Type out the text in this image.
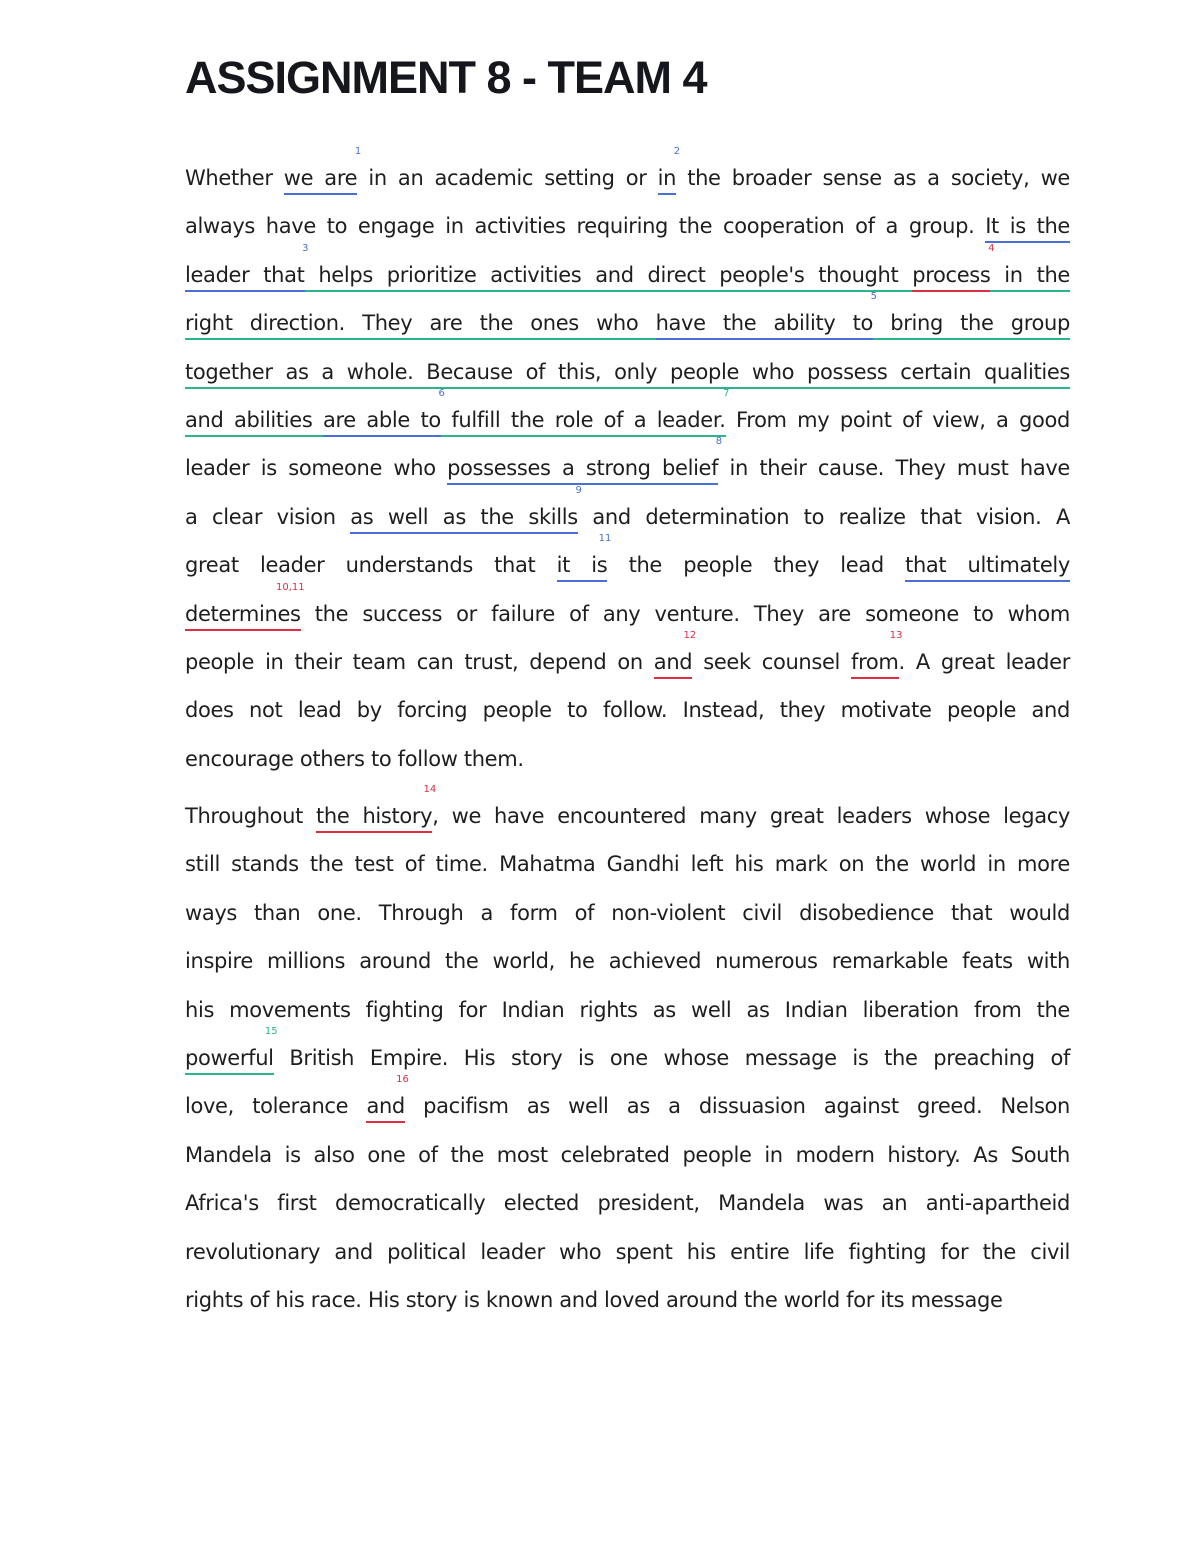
ASSIGNMENT 8 - TEAM 4
Whether we are
1
in an academic setting or in
2
the broader sense as a society, we
always have to engage in activities requiring the cooperation of a group. It is the
leader that
3
helps prioritize activities and direct people's thought process
4
in the
right direction. They are the ones who have the ability to
5
bring the group
together as a whole. Because of this, only people who possess certain qualities
and abilities are able to
6
fulfill the role of a leader.
7
From my point of view, a good
leader is someone who possesses a strong belief
8
in their cause. They must have
a clear vision as well as the skills
9
and determination to realize that vision. A
great leader understands that it is
11
the people they lead that ultimately
determines
10,11
the success or failure of any venture. They are someone to whom
people in their team can trust, depend on and
12
seek counsel from
13
. A great leader
does not lead by forcing people to follow. Instead, they motivate people and
encourage others to follow them.
Throughout the history
14
, we have encountered many great leaders whose legacy
still stands the test of time. Mahatma Gandhi left his mark on the world in more
ways than one. Through a form of non-violent civil disobedience that would
inspire millions around the world, he achieved numerous remarkable feats with
his movements fighting for Indian rights as well as Indian liberation from the
powerful
15
British Empire. His story is one whose message is the preaching of
love, tolerance and
16
pacifism as well as a dissuasion against greed. Nelson
Mandela is also one of the most celebrated people in modern history. As South
Africa's first democratically elected president, Mandela was an anti-apartheid
revolutionary and political leader who spent his entire life fighting for the civil
rights of his race. His story is known and loved around the world for its message
